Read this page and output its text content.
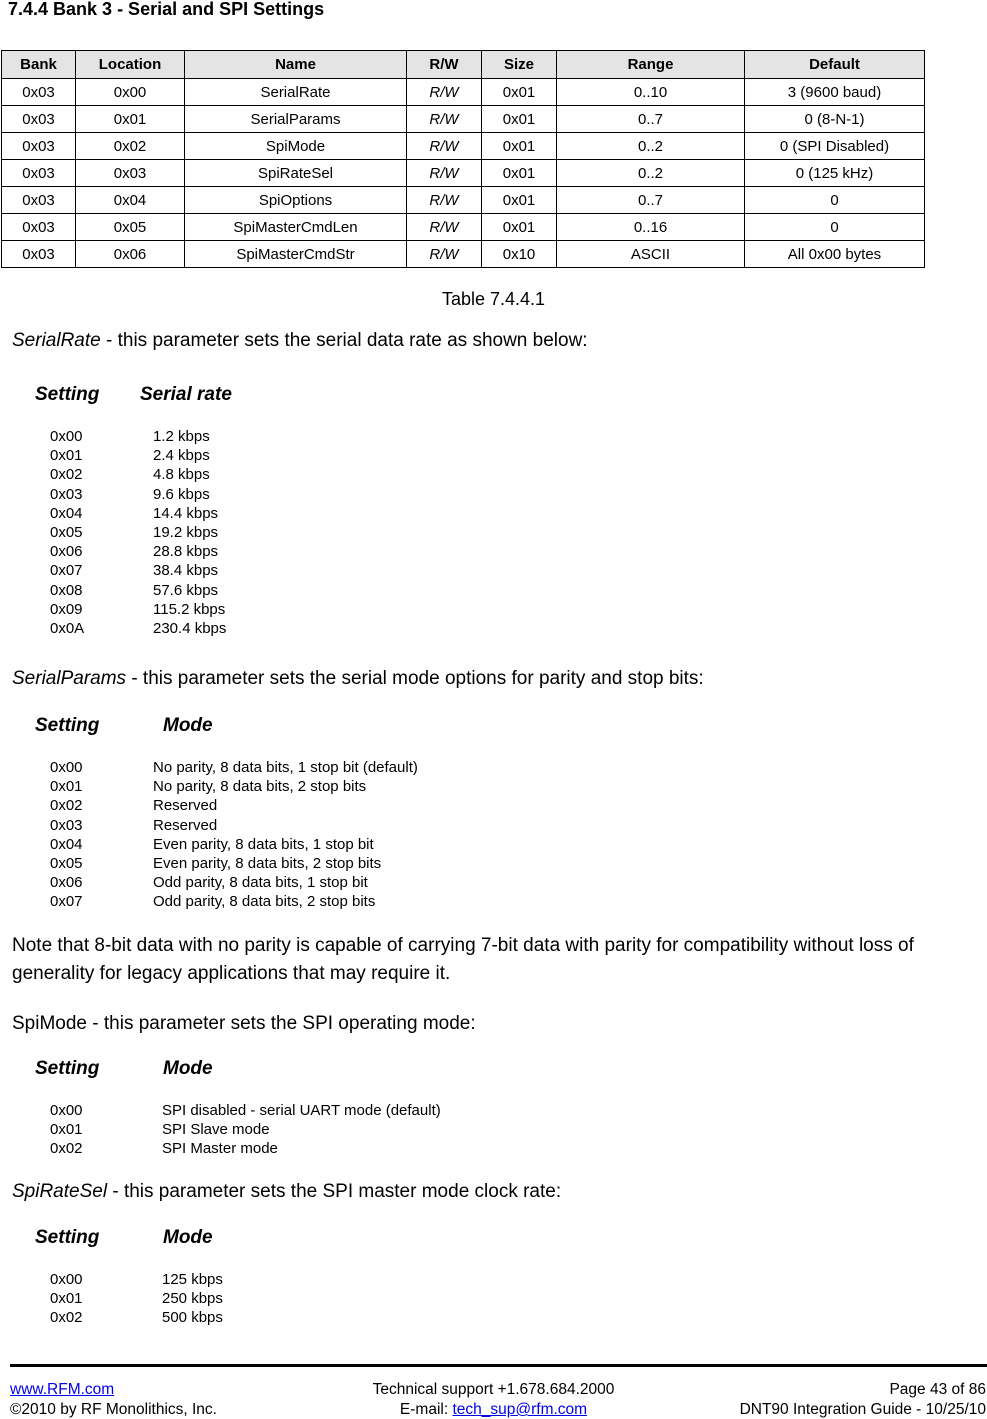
7.4.4 Bank 3 - Serial and SPI Settings
Bank	Location	Name	R/W	Size	Range	Default
0x03	0x00	SerialRate	R/W	0x01	0..10	3 (9600 baud)
0x03	0x01	SerialParams	R/W	0x01	0..7	0 (8-N-1)
0x03	0x02	SpiMode	R/W	0x01	0..2	0 (SPI Disabled)
0x03	0x03	SpiRateSel	R/W	0x01	0..2	0 (125 kHz)
0x03	0x04	SpiOptions	R/W	0x01	0..7	0
0x03	0x05	SpiMasterCmdLen	R/W	0x01	0..16	0
0x03	0x06	SpiMasterCmdStr	R/W	0x10	ASCII	All 0x00 bytes
Table 7.4.4.1
SerialRate - this parameter sets the serial data rate as shown below:
Setting Serial rate
0x00	1.2 kbps
0x01	2.4 kbps
0x02	4.8 kbps
0x03	9.6 kbps
0x04	14.4 kbps
0x05	19.2 kbps
0x06	28.8 kbps
0x07	38.4 kbps
0x08	57.6 kbps
0x09	115.2 kbps
0x0A	230.4 kbps
SerialParams - this parameter sets the serial mode options for parity and stop bits:
Setting	Mode
0x00	No parity, 8 data bits, 1 stop bit (default)
0x01	No parity, 8 data bits, 2 stop bits
0x02	Reserved
0x03	Reserved
0x04	Even parity, 8 data bits, 1 stop bit
0x05	Even parity, 8 data bits, 2 stop bits
0x06	Odd parity, 8 data bits, 1 stop bit
0x07	Odd parity, 8 data bits, 2 stop bits
Note that 8-bit data with no parity is capable of carrying 7-bit data with parity for compatibility without loss of generality for legacy applications that may require it.
SpiMode - this parameter sets the SPI operating mode:
Setting	Mode
0x00	SPI disabled - serial UART mode (default)
0x01	SPI Slave mode
0x02	SPI Master mode
SpiRateSel - this parameter sets the SPI master mode clock rate:
Setting	Mode
0x00	125 kbps
0x01	250 kbps
0x02	500 kbps
www.RFM.com
©2010 by RF Monolithics, Inc.
Technical support +1.678.684.2000
E-mail: tech_sup@rfm.com
Page 43 of 86
DNT90 Integration Guide - 10/25/10
